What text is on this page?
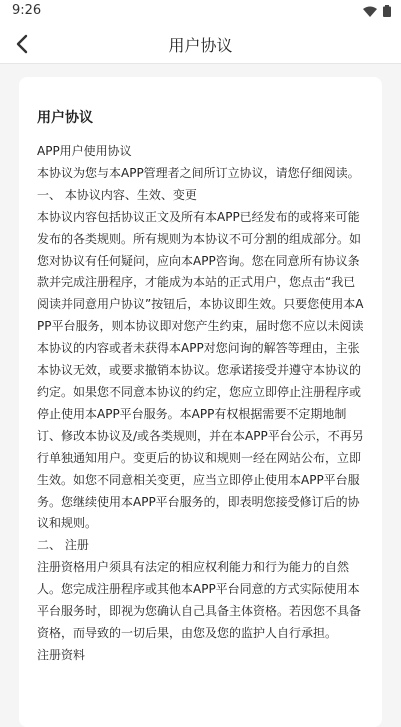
9:26
用户协议
用户协议

APP用户使用协议

本协议为您与本APP管理者之间所订立协议，请您仔细阅读。

一、 本协议内容、生效、变更

本协议内容包括协议正文及所有本APP已经发布的或将来可能发布的各类规则。所有规则为本协议不可分割的组成部分。如您对协议有任何疑问，应向本APP咨询。您在同意所有协议条款并完成注册程序，才能成为本站的正式用户，您点击“我已阅读并同意用户协议”按钮后，本协议即生效。只要您使用本APP平台服务，则本协议即对您产生约束，届时您不应以未阅读本协议的内容或者未获得本APP对您问询的解答等理由，主张本协议无效，或要求撤销本协议。您承诺接受并遵守本协议的约定。如果您不同意本协议的约定，您应立即停止注册程序或停止使用本APP平台服务。本APP有权根据需要不定期地制订、修改本协议及/或各类规则，并在本APP平台公示，不再另行单独通知用户。变更后的协议和规则一经在网站公布，立即生效。如您不同意相关变更，应当立即停止使用本APP平台服务。您继续使用本APP平台服务的，即表明您接受修订后的协议和规则。

二、 注册

注册资格用户须具有法定的相应权利能力和行为能力的自然人。您完成注册程序或其他本APP平台同意的方式实际使用本平台服务时，即视为您确认自己具备主体资格。若因您不具备资格，而导致的一切后果，由您及您的监护人自行承担。

注册资料
